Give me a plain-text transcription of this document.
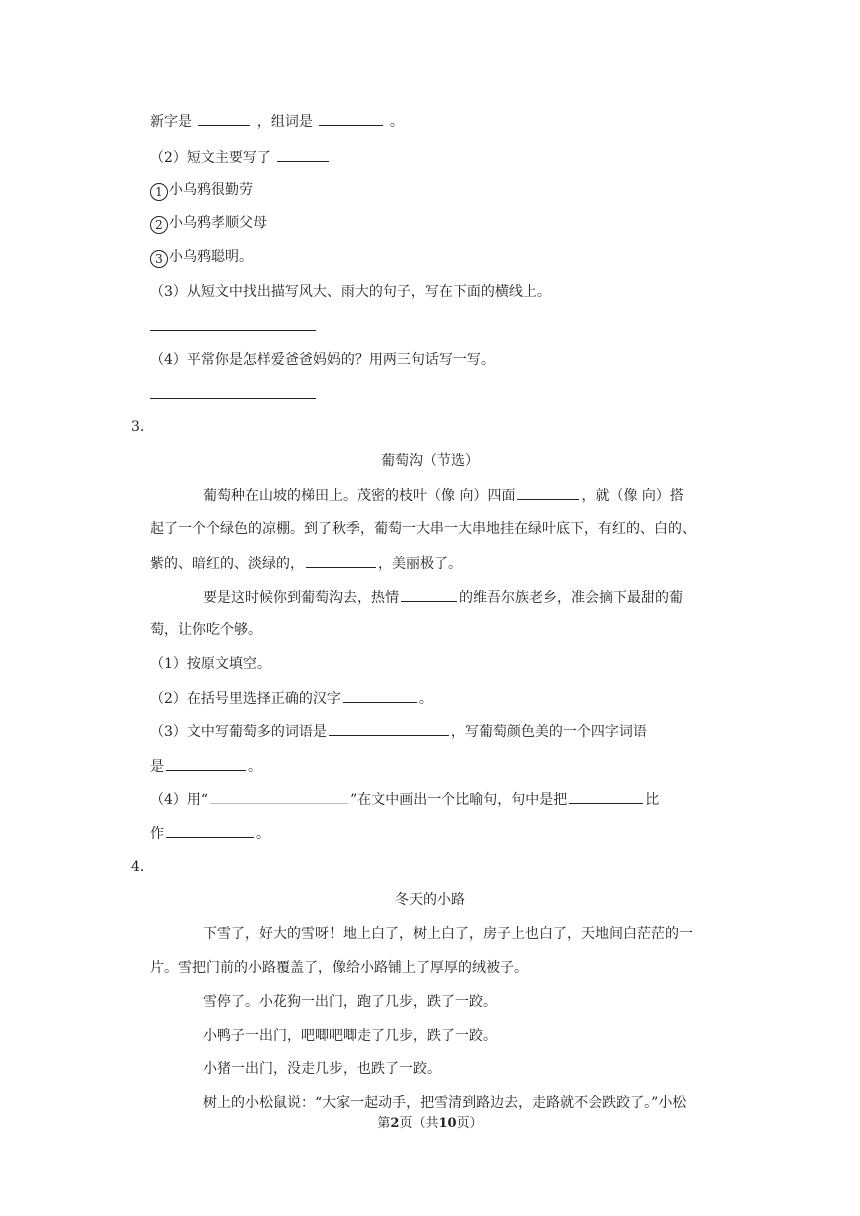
新字是	，组词是	。
（2）短文主要写了
1 小乌鸦很勤劳
2 小乌鸦孝顺父母
3 小乌鸦聪明。
（3）从短文中找出描写风大、雨大的句子，写在下面的横线上。
（4）平常你是怎样爱爸爸妈妈的？用两三句话写一写。
3．
葡萄沟（节选）
葡萄种在山坡的梯田上。茂密的枝叶（像 向）四面	，就（像 向）搭
起了一个个绿色的凉棚。到了秋季，葡萄一大串一大串地挂在绿叶底下，有红的、白的、
紫的、暗红的、淡绿的，	，美丽极了。
要是这时候你到葡萄沟去，热情	的维吾尔族老乡，准会摘下最甜的葡
萄，让你吃个够。
（1）按原文填空。
（2）在括号里选择正确的汉字	。
（3）文中写葡萄多的词语是	，写葡萄颜色美的一个四字词语
是	。
（4）用“	”在文中画出一个比喻句，句中是把	比
作	。
4．
冬天的小路
下雪了，好大的雪呀！地上白了，树上白了，房子上也白了，天地间白茫茫的一
片。雪把门前的小路覆盖了，像给小路铺上了厚厚的绒被子。
雪停了。小花狗一出门，跑了几步，跌了一跤。
小鸭子一出门，吧唧吧唧走了几步，跌了一跤。
小猪一出门，没走几步，也跌了一跤。
树上的小松鼠说：“大家一起动手，把雪清到路边去，走路就不会跌跤了。”小松
第2页（共10页）
